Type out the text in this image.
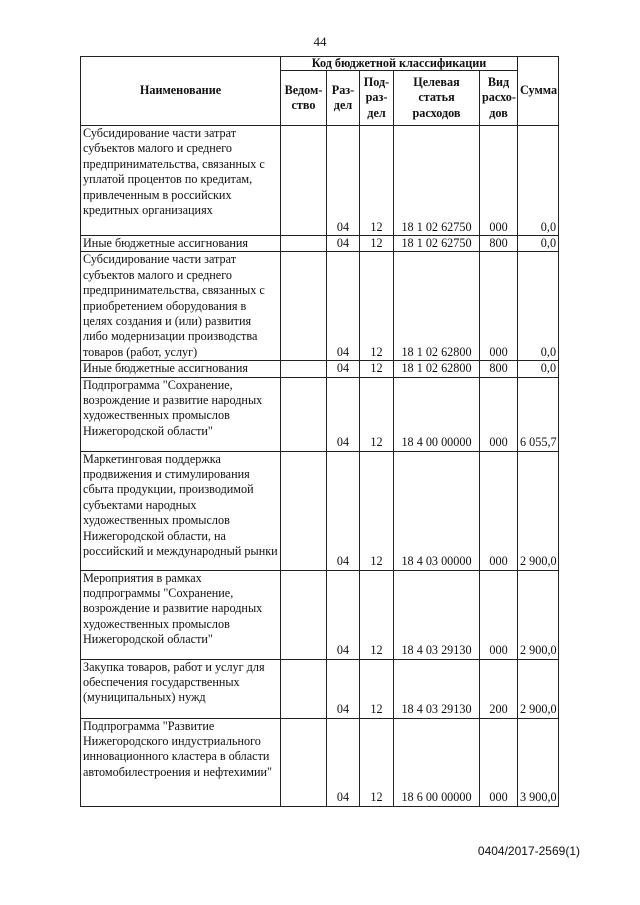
44
Наименование	Код бюджетной классификации					Сумма
	Ведом-ство	Раз-дел	Под-раз-дел	Целевая статья расходов	Вид расхо-дов	
Субсидирование части затрат субъектов малого и среднего предпринимательства, связанных с уплатой процентов по кредитам, привлеченным в российских кредитных организациях		04	12	18 1 02 62750	000	0,0
Иные бюджетные ассигнования		04	12	18 1 02 62750	800	0,0
Субсидирование части затрат субъектов малого и среднего предпринимательства, связанных с приобретением оборудования в целях создания и (или) развития либо модернизации производства товаров (работ, услуг)		04	12	18 1 02 62800	000	0,0
Иные бюджетные ассигнования		04	12	18 1 02 62800	800	0,0
Подпрограмма "Сохранение, возрождение и развитие народных художественных промыслов Нижегородской области"		04	12	18 4 00 00000	000	6 055,7
Маркетинговая поддержка продвижения и стимулирования сбыта продукции, производимой субъектами народных художественных промыслов Нижегородской области, на российский и международный рынки		04	12	18 4 03 00000	000	2 900,0
Мероприятия в рамках подпрограммы "Сохранение, возрождение и развитие народных художественных промыслов Нижегородской области"		04	12	18 4 03 29130	000	2 900,0
Закупка товаров, работ и услуг для обеспечения государственных (муниципальных) нужд		04	12	18 4 03 29130	200	2 900,0
Подпрограмма "Развитие Нижегородского индустриального инновационного кластера в области автомобилестроения и нефтехимии"		04	12	18 6 00 00000	000	3 900,0
0404/2017-2569(1)
